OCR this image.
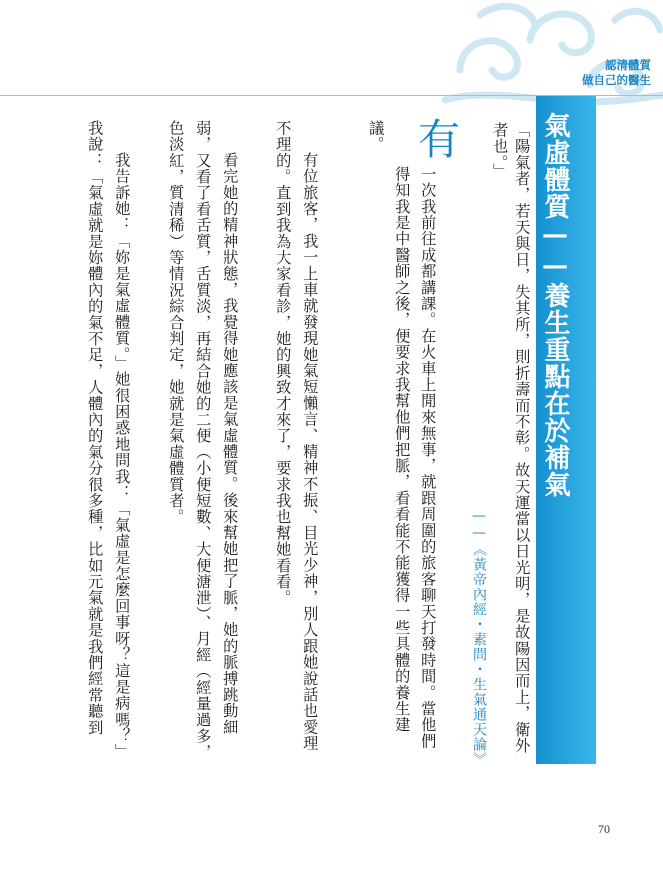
認清體質
做自己的醫生
氣虛體質——養生重點在於補氣
「陽氣者，若天與日，失其所，則折壽而不彰。故天運當以日光明，是故陽因而上，衛外
者也。」
——《黃帝內經・素問・生氣通天論》
有
一次我前往成都講課。在火車上閒來無事，就跟周圍的旅客聊天打發時間。當他們
得知我是中醫師之後，便要求我幫他們把脈，看看能不能獲得一些具體的養生建
議。
有位旅客，我一上車就發現她氣短懶言、精神不振、目光少神，別人跟她說話也愛理
不理的。直到我為大家看診，她的興致才來了，要求我也幫她看看。
看完她的精神狀態，我覺得她應該是氣虛體質。後來幫她把了脈，她的脈搏跳動細
弱，又看了看舌質，舌質淡，再結合她的二便（小便短數、大便溏泄）、月經（經量過多，
色淡紅，質清稀）等情況綜合判定，她就是氣虛體質者。
我告訴她：「妳是氣虛體質。」她很困惑地問我：「氣虛是怎麼回事呀？這是病嗎？」
我說：「氣虛就是妳體內的氣不足，人體內的氣分很多種，比如元氣就是我們經常聽到
70
